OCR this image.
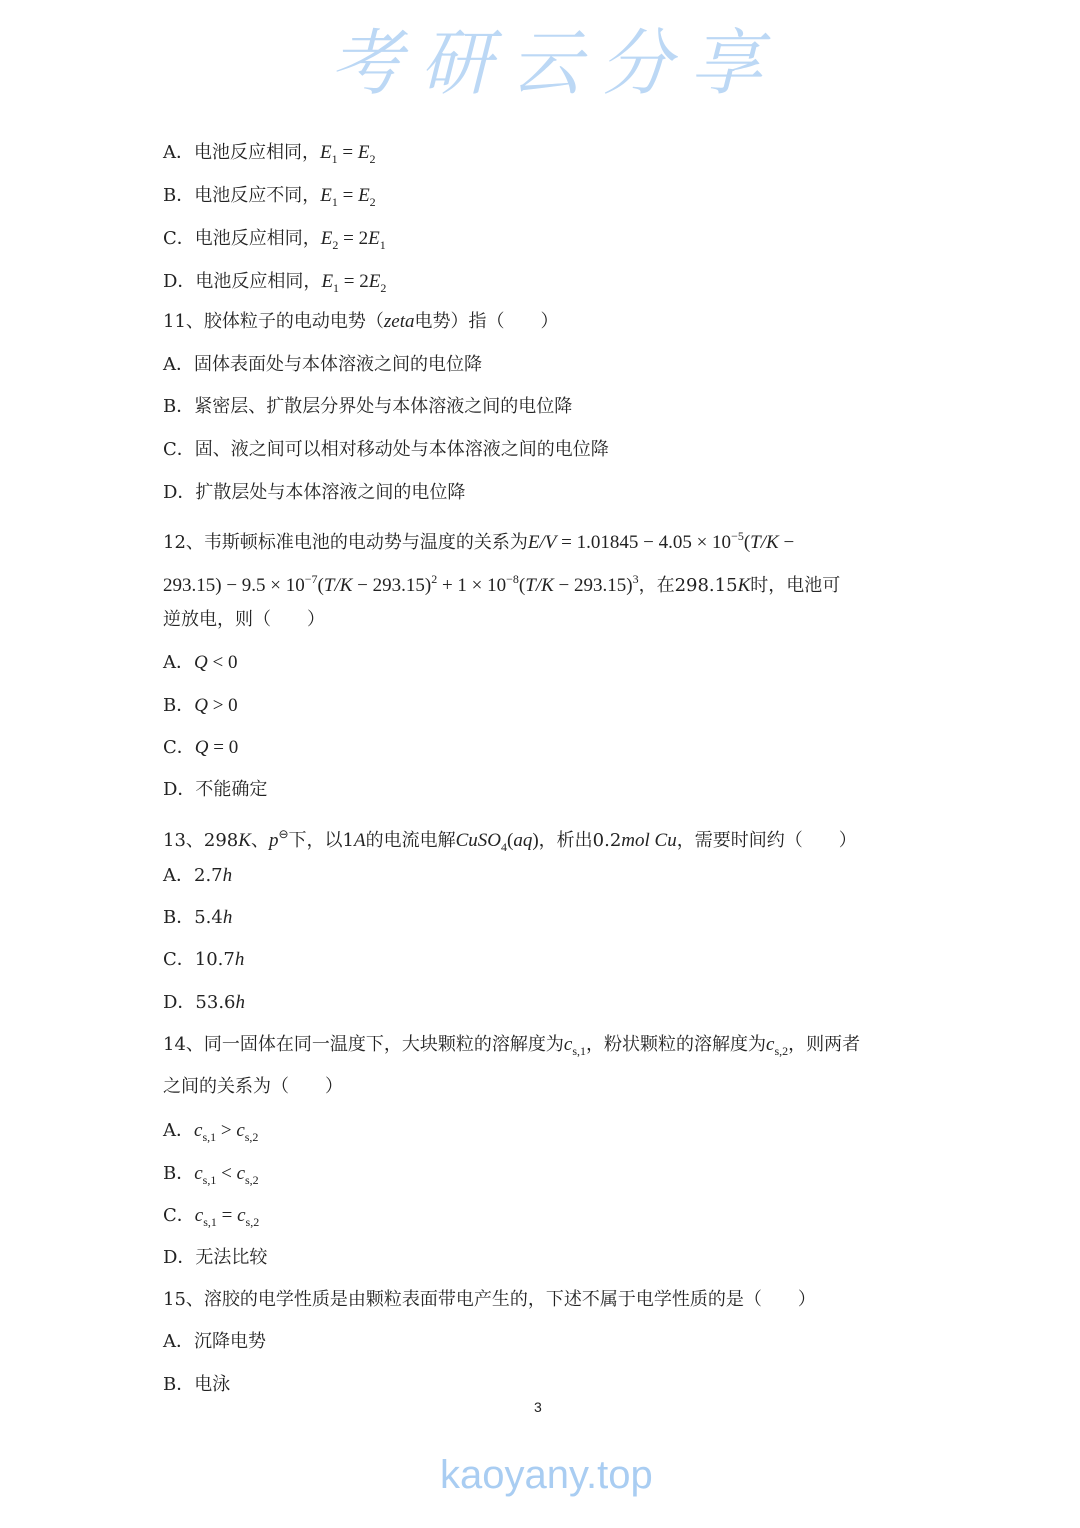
考研云分享
kaoyany.top
A．电池反应相同，$E_1 = E_2$
B．电池反应不同，$E_1 = E_2$
C．电池反应相同，$E_2 = 2E_1$
D．电池反应相同，$E_1 = 2E_2$
11、胶体粒子的电动电势（zeta电势）指（　　）
A．固体表面处与本体溶液之间的电位降
B．紧密层、扩散层分界处与本体溶液之间的电位降
C．固、液之间可以相对移动处与本体溶液之间的电位降
D．扩散层处与本体溶液之间的电位降
12、韦斯顿标准电池的电动势与温度的关系为$E/V = 1.01845 - 4.05 \times 10^{-5}(T/K$ −
$293.15) - 9.5 \times 10^{-7}(T/K - 293.15)^2 + 1 \times 10^{-8}(T/K - 293.15)^3$，在298.15K时，电池可
逆放电，则（　　）
A．Q < 0
B．Q > 0
C．Q = 0
D．不能确定
13、298K、p⊖下，以1A的电流电解CuSO$_4$(aq)，析出0.2mol Cu，需要时间约（　　）
A．2.7h
B．5.4h
C．10.7h
D．53.6h
14、同一固体在同一温度下，大块颗粒的溶解度为$c_{s,1}$，粉状颗粒的溶解度为$c_{s,2}$，则两者
之间的关系为（　　）
A．$c_{s,1} > c_{s,2}$
B．$c_{s,1} < c_{s,2}$
C．$c_{s,1} = c_{s,2}$
D．无法比较
15、溶胶的电学性质是由颗粒表面带电产生的，下述不属于电学性质的是（　　）
A．沉降电势
B．电泳
3
